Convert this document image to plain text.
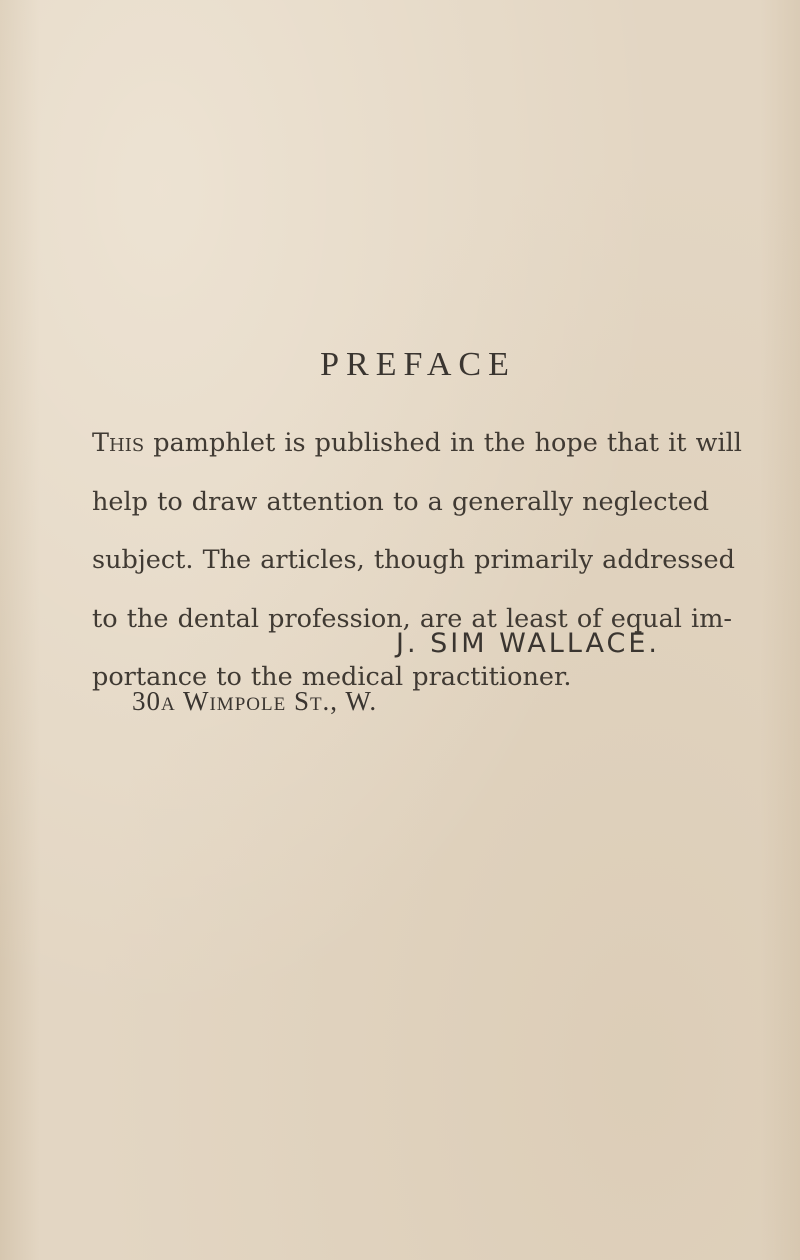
PREFACE
This pamphlet is published in the hope that it will
help to draw attention to a generally neglected
subject. The articles, though primarily addressed
to the dental profession, are at least of equal im-
portance to the medical practitioner.
J. SIM WALLACE.
30a Wimpole St., W.
